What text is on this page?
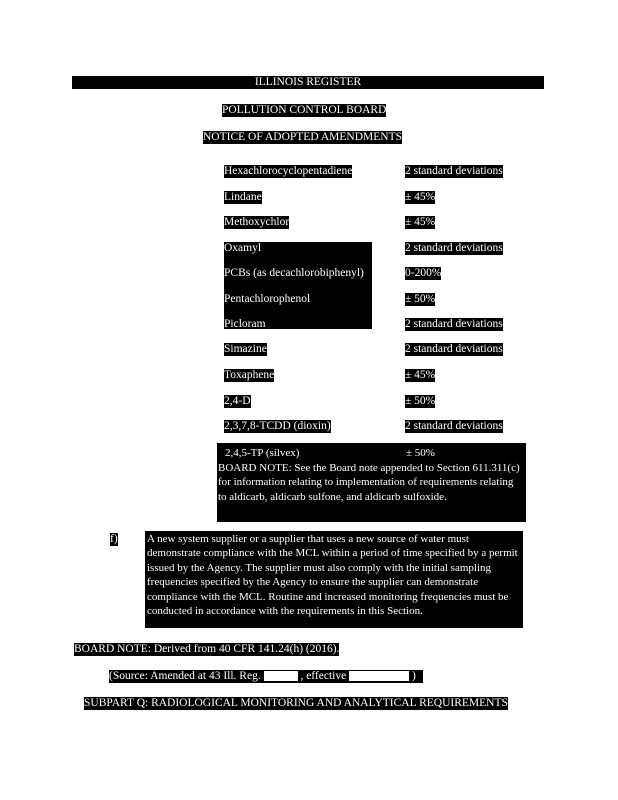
ILLINOIS REGISTER
POLLUTION CONTROL BOARD
NOTICE OF ADOPTED AMENDMENTS
Hexachlorocyclopentadiene	2 standard deviations
Lindane	± 45%
Methoxychlor	± 45%
Oxamyl	2 standard deviations
PCBs (as decachlorobiphenyl)	0-200%
Pentachlorophenol	± 50%
Picloram	2 standard deviations
Simazine	2 standard deviations
Toxaphene	± 45%
2,4-D	± 50%
2,3,7,8-TCDD (dioxin)	2 standard deviations
2,4,5-TP (silvex)	± 50%
BOARD NOTE: See the Board note appended to Section 611.311(c) for information relating to implementation of requirements relating to aldicarb, aldicarb sulfone, and aldicarb sulfoxide.
f)	A new system supplier or a supplier that uses a new source of water must demonstrate compliance with the MCL within a period of time specified by a permit issued by the Agency. The supplier must also comply with the initial sampling frequencies specified by the Agency to ensure the supplier can demonstrate compliance with the MCL. Routine and increased monitoring frequencies must be conducted in accordance with the requirements in this Section.
BOARD NOTE: Derived from 40 CFR 141.24(h) (2016).
(Source: Amended at 43 Ill. Reg.	, effective	)
SUBPART Q: RADIOLOGICAL MONITORING AND ANALYTICAL REQUIREMENTS
